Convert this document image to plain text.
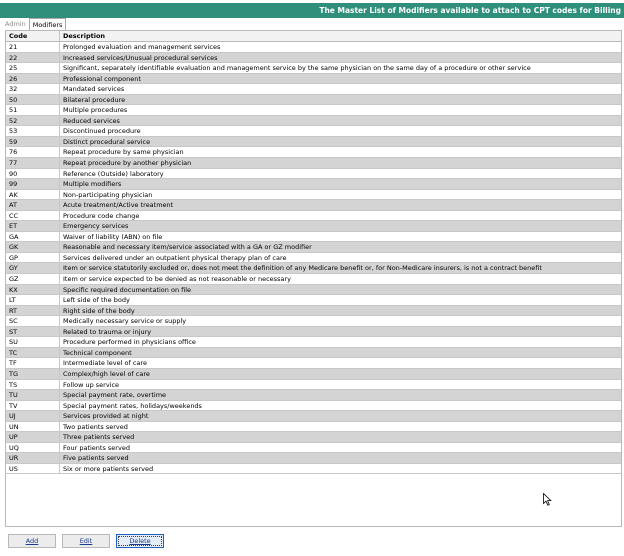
The Master List of Modifiers available to attach to CPT codes for Billing
Admin	Modifiers
Code	Description
21	Prolonged evaluation and management services
22	Increased services/Unusual procedural services
25	Significant, separately identifiable evaluation and management service by the same physician on the same day of a procedure or other service
26	Professional component
32	Mandated services
50	Bilateral procedure
51	Multiple procedures
52	Reduced services
53	Discontinued procedure
59	Distinct procedural service
76	Repeat procedure by same physician
77	Repeat procedure by another physician
90	Reference (Outside) laboratory
99	Multiple modifiers
AK	Non-participating physician
AT	Acute treatment/Active treatment
CC	Procedure code change
ET	Emergency services
GA	Waiver of liability (ABN) on file
GK	Reasonable and necessary item/service associated with a GA or GZ modifier
GP	Services delivered under an outpatient physical therapy plan of care
GY	Item or service statutorily excluded or, does not meet the definition of any Medicare benefit or, for Non-Medicare insurers, is not a contract benefit
GZ	Item or service expected to be denied as not reasonable or necessary
KX	Specific required documentation on file
LT	Left side of the body
RT	Right side of the body
SC	Medically necessary service or supply
ST	Related to trauma or injury
SU	Procedure performed in physicians office
TC	Technical component
TF	Intermediate level of care
TG	Complex/high level of care
TS	Follow up service
TU	Special payment rate, overtime
TV	Special payment rates, holidays/weekends
UJ	Services provided at night
UN	Two patients served
UP	Three patients served
UQ	Four patients served
UR	Five patients served
US	Six or more patients served
Add	Edit	Delete
